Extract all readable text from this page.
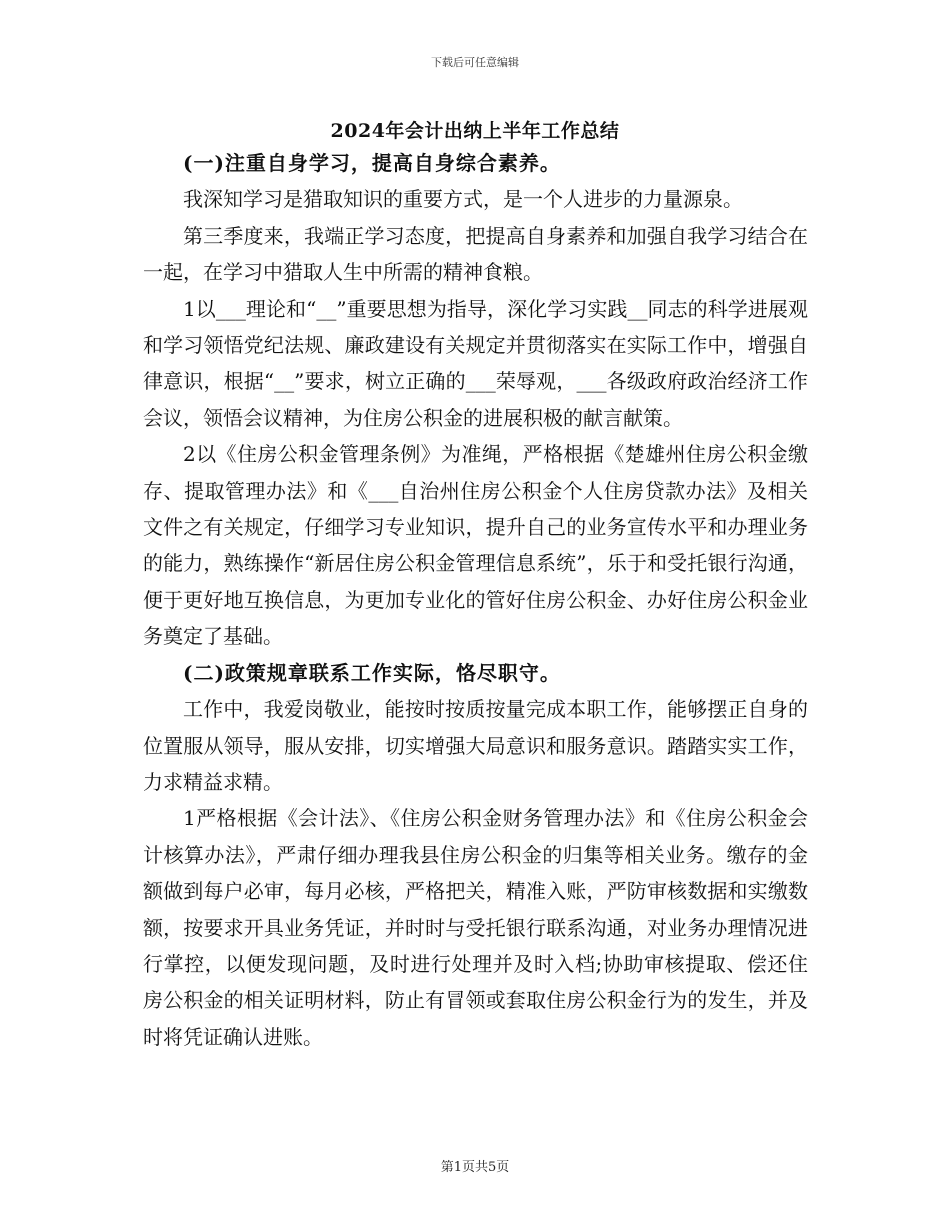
下载后可任意编辑
2024年会计出纳上半年工作总结

(一)注重自身学习，提高自身综合素养。

我深知学习是猎取知识的重要方式，是一个人进步的力量源泉。

第三季度来，我端正学习态度，把提高自身素养和加强自我学习结合在一起，在学习中猎取人生中所需的精神食粮。

1以___理论和“__”重要思想为指导，深化学习实践__同志的科学进展观和学习领悟党纪法规、廉政建设有关规定并贯彻落实在实际工作中，增强自律意识，根据“__”要求，树立正确的___荣辱观，___各级政府政治经济工作会议，领悟会议精神，为住房公积金的进展积极的献言献策。

2以《住房公积金管理条例》为准绳，严格根据《楚雄州住房公积金缴存、提取管理办法》和《___自治州住房公积金个人住房贷款办法》及相关文件之有关规定，仔细学习专业知识，提升自己的业务宣传水平和办理业务的能力，熟练操作“新居住房公积金管理信息系统”，乐于和受托银行沟通，便于更好地互换信息，为更加专业化的管好住房公积金、办好住房公积金业务奠定了基础。

(二)政策规章联系工作实际，恪尽职守。

工作中，我爱岗敬业，能按时按质按量完成本职工作，能够摆正自身的位置服从领导，服从安排，切实增强大局意识和服务意识。踏踏实实工作，力求精益求精。

1严格根据《会计法》、《住房公积金财务管理办法》和《住房公积金会计核算办法》，严肃仔细办理我县住房公积金的归集等相关业务。缴存的金额做到每户必审，每月必核，严格把关，精准入账，严防审核数据和实缴数额，按要求开具业务凭证，并时时与受托银行联系沟通，对业务办理情况进行掌控，以便发现问题，及时进行处理并及时入档;协助审核提取、偿还住房公积金的相关证明材料，防止有冒领或套取住房公积金行为的发生，并及时将凭证确认进账。

第1页共5页
